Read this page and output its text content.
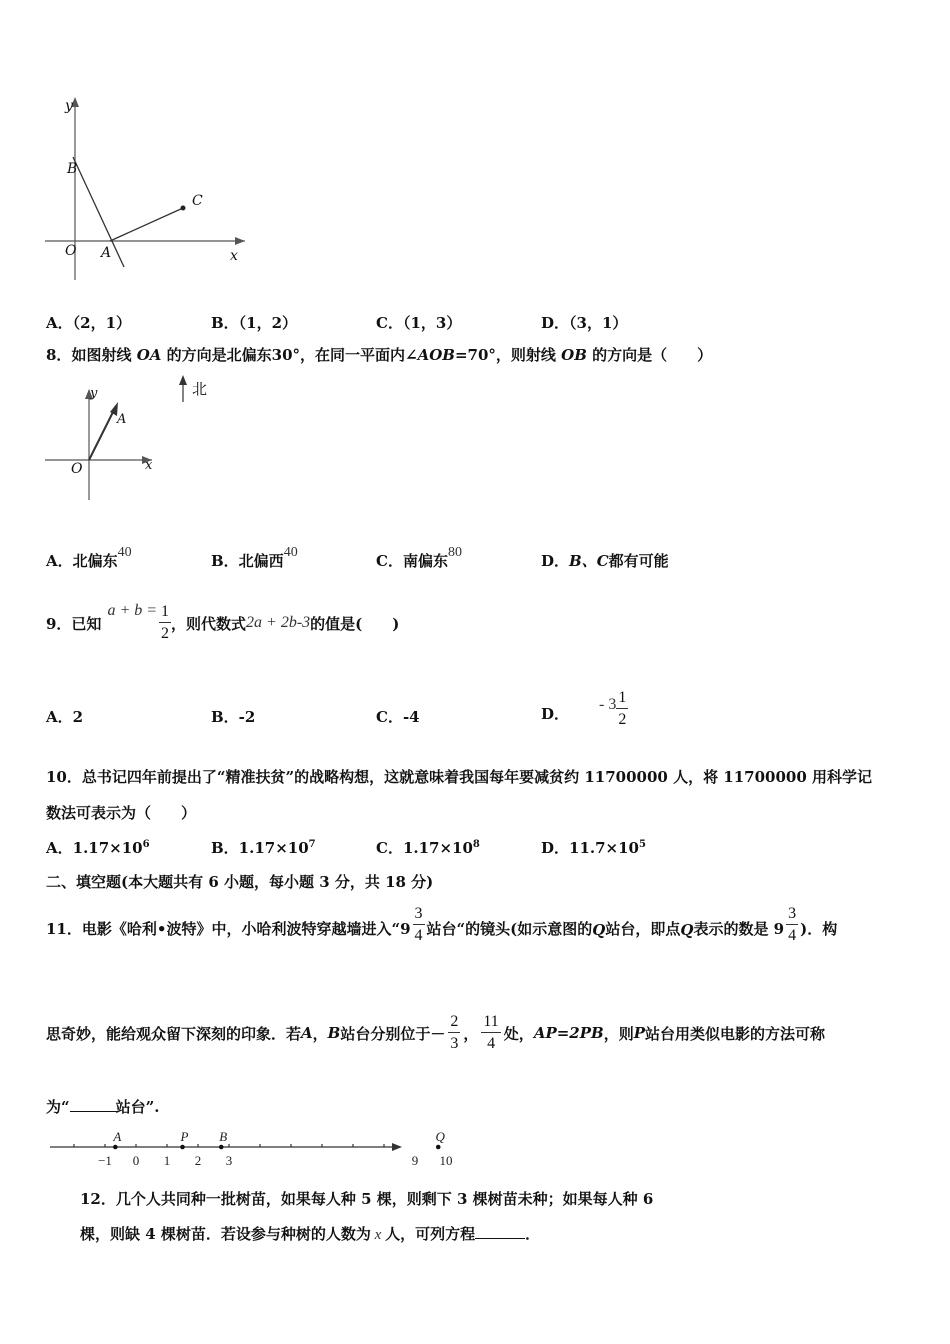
y
B
C
O A	x
A．（2，1）	B．（1，2）	C．（1，3）	D．（3，1）
8．如图射线 OA 的方向是北偏东30°，在同一平面内∠AOB=70°，则射线 OB 的方向是（　　）
y
A
O	x
北
A．北偏东40	B．北偏西40	C．南偏东80	D．B、C都有可能
9．已知
$a + b = \frac{1}{2}$ ，则代数式 2a + 2b-3 的值是(　　)
A．2	B．-2	C．-4	D．
- $3 \frac{1}{2}$
10．总书记四年前提出了“精准扶贫”的战略构想，这就意味着我国每年要减贫约 11700000 人，将 11700000 用科学记
数法可表示为（　　）
A．$1.17\times 10^6$	B．$1.17\times 10^7$	C．$1.17\times 10^8$	D．$11.7\times 10^5$
二、填空题(本大题共有 6 小题，每小题 3 分，共 18 分)
11．电影《哈利•波特》中，小哈利波特穿越墙进入“$9 \frac{3}{4}$ 站台“的镜头(如示意图的 Q 站台，即点 Q 表示的数是 $9 \frac{3}{4}$ )．构
思奇妙，能给观众留下深刻的印象．若 A ， B 站台分别位于－ $\frac{2}{3}$ ， $\frac{11}{4}$ 处， AP=2PB ，则 P 站台用类似电影的方法可称
为“	站台”.
−1 0 1 2 3	9 10
A	P B	Q
12．几个人共同种一批树苗，如果每人种 5 棵，则剩下 3 棵树苗未种；如果每人种 6
棵，则缺 4 棵树苗．若设参与种树的人数为 x 人，可列方程	．
